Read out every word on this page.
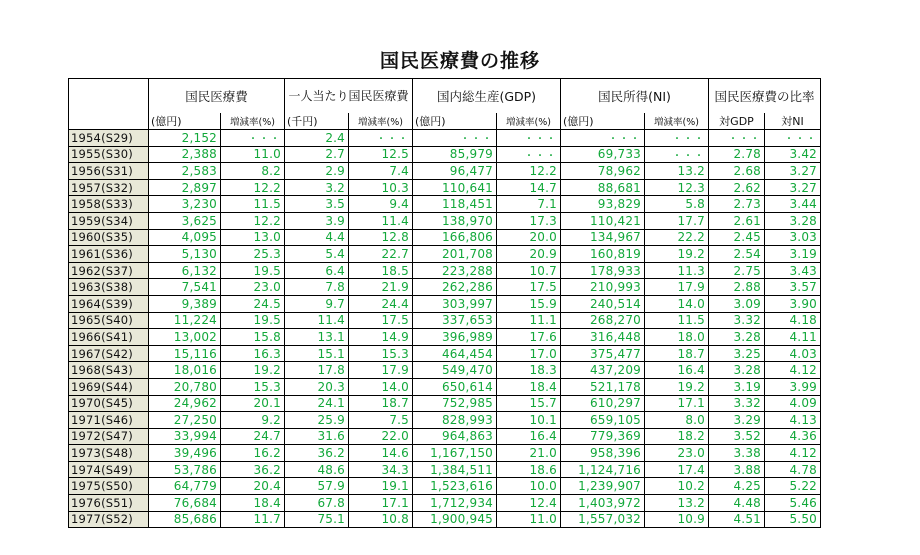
国民医療費の推移
	国民医療費		一人当たり国民医療費		国内総生産(GDP)		国民所得(NI)		国民医療費の比率	
	(億円)	増減率(%)	(千円)	増減率(%)	(億円)	増減率(%)	(億円)	増減率(%)	対GDP	対NI
1954(S29)	2,152	・・・	2.4	・・・	・・・	・・・	・・・	・・・	・・・	・・・
1955(S30)	2,388	11.0	2.7	12.5	85,979	・・・	69,733	・・・	2.78	3.42
1956(S31)	2,583	8.2	2.9	7.4	96,477	12.2	78,962	13.2	2.68	3.27
1957(S32)	2,897	12.2	3.2	10.3	110,641	14.7	88,681	12.3	2.62	3.27
1958(S33)	3,230	11.5	3.5	9.4	118,451	7.1	93,829	5.8	2.73	3.44
1959(S34)	3,625	12.2	3.9	11.4	138,970	17.3	110,421	17.7	2.61	3.28
1960(S35)	4,095	13.0	4.4	12.8	166,806	20.0	134,967	22.2	2.45	3.03
1961(S36)	5,130	25.3	5.4	22.7	201,708	20.9	160,819	19.2	2.54	3.19
1962(S37)	6,132	19.5	6.4	18.5	223,288	10.7	178,933	11.3	2.75	3.43
1963(S38)	7,541	23.0	7.8	21.9	262,286	17.5	210,993	17.9	2.88	3.57
1964(S39)	9,389	24.5	9.7	24.4	303,997	15.9	240,514	14.0	3.09	3.90
1965(S40)	11,224	19.5	11.4	17.5	337,653	11.1	268,270	11.5	3.32	4.18
1966(S41)	13,002	15.8	13.1	14.9	396,989	17.6	316,448	18.0	3.28	4.11
1967(S42)	15,116	16.3	15.1	15.3	464,454	17.0	375,477	18.7	3.25	4.03
1968(S43)	18,016	19.2	17.8	17.9	549,470	18.3	437,209	16.4	3.28	4.12
1969(S44)	20,780	15.3	20.3	14.0	650,614	18.4	521,178	19.2	3.19	3.99
1970(S45)	24,962	20.1	24.1	18.7	752,985	15.7	610,297	17.1	3.32	4.09
1971(S46)	27,250	9.2	25.9	7.5	828,993	10.1	659,105	8.0	3.29	4.13
1972(S47)	33,994	24.7	31.6	22.0	964,863	16.4	779,369	18.2	3.52	4.36
1973(S48)	39,496	16.2	36.2	14.6	1,167,150	21.0	958,396	23.0	3.38	4.12
1974(S49)	53,786	36.2	48.6	34.3	1,384,511	18.6	1,124,716	17.4	3.88	4.78
1975(S50)	64,779	20.4	57.9	19.1	1,523,616	10.0	1,239,907	10.2	4.25	5.22
1976(S51)	76,684	18.4	67.8	17.1	1,712,934	12.4	1,403,972	13.2	4.48	5.46
1977(S52)	85,686	11.7	75.1	10.8	1,900,945	11.0	1,557,032	10.9	4.51	5.50
